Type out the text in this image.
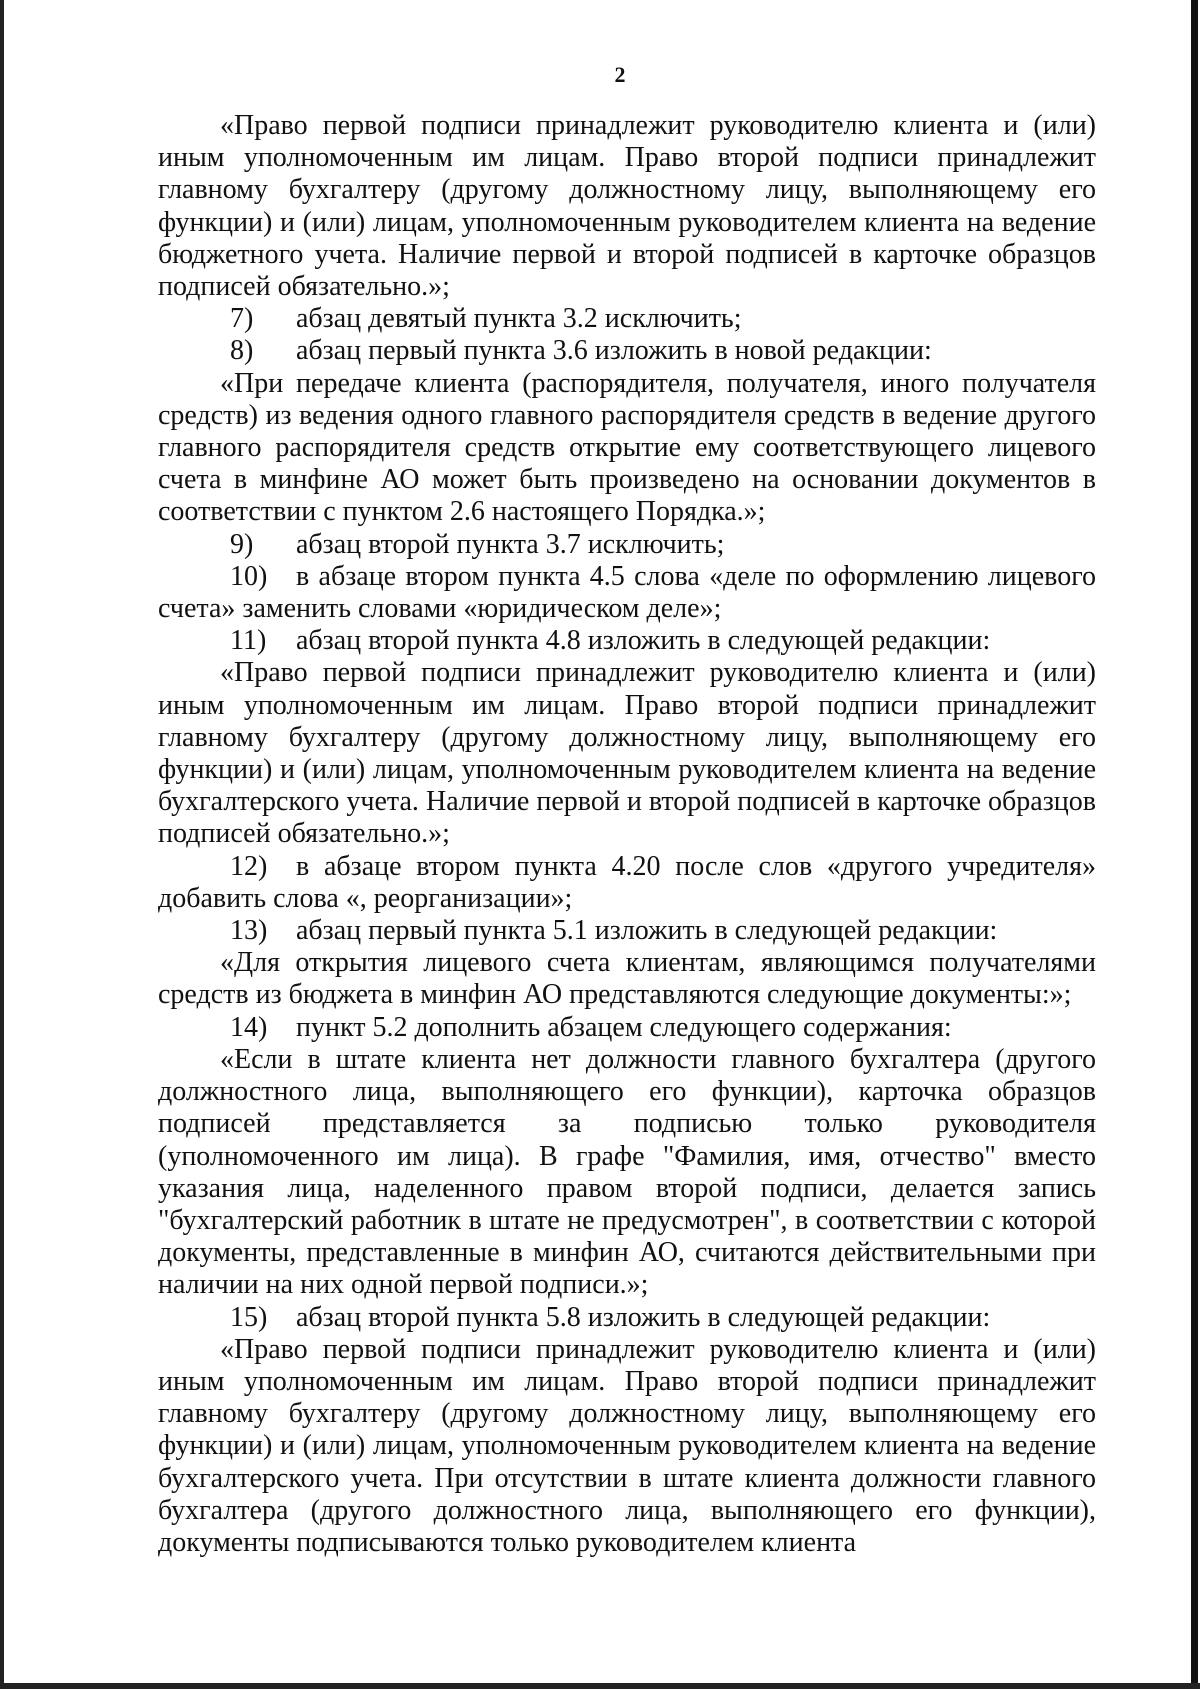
2

«Право первой подписи принадлежит руководителю клиента и (или) иным уполномоченным им лицам. Право второй подписи принадлежит главному бухгалтеру (другому должностному лицу, выполняющему его функции) и (или) лицам, уполномоченным руководителем клиента на ведение бюджетного учета. Наличие первой и второй подписей в карточке образцов подписей обязательно.»;

7) абзац девятый пункта 3.2 исключить;

8) абзац первый пункта 3.6 изложить в новой редакции:

«При передаче клиента (распорядителя, получателя, иного получателя средств) из ведения одного главного распорядителя средств в ведение другого главного распорядителя средств открытие ему соответствующего лицевого счета в минфине АО может быть произведено на основании документов в соответствии с пунктом 2.6 настоящего Порядка.»;

9) абзац второй пункта 3.7 исключить;

10) в абзаце втором пункта 4.5 слова «деле по оформлению лицевого счета» заменить словами «юридическом деле»;

11) абзац второй пункта 4.8 изложить в следующей редакции:

«Право первой подписи принадлежит руководителю клиента и (или) иным уполномоченным им лицам. Право второй подписи принадлежит главному бухгалтеру (другому должностному лицу, выполняющему его функции) и (или) лицам, уполномоченным руководителем клиента на ведение бухгалтерского учета. Наличие первой и второй подписей в карточке образцов подписей обязательно.»;

12) в абзаце втором пункта 4.20 после слов «другого учредителя» добавить слова «, реорганизации»;

13) абзац первый пункта 5.1 изложить в следующей редакции:

«Для открытия лицевого счета клиентам, являющимся получателями средств из бюджета в минфин АО представляются следующие документы:»;

14) пункт 5.2 дополнить абзацем следующего содержания:

«Если в штате клиента нет должности главного бухгалтера (другого должностного лица, выполняющего его функции), карточка образцов подписей представляется за подписью только руководителя (уполномоченного им лица). В графе "Фамилия, имя, отчество" вместо указания лица, наделенного правом второй подписи, делается запись "бухгалтерский работник в штате не предусмотрен", в соответствии с которой документы, представленные в минфин АО, считаются действительными при наличии на них одной первой подписи.»;

15) абзац второй пункта 5.8 изложить в следующей редакции:

«Право первой подписи принадлежит руководителю клиента и (или) иным уполномоченным им лицам. Право второй подписи принадлежит главному бухгалтеру (другому должностному лицу, выполняющему его функции) и (или) лицам, уполномоченным руководителем клиента на ведение бухгалтерского учета. При отсутствии в штате клиента должности главного бухгалтера (другого должностного лица, выполняющего его функции), документы подписываются только руководителем клиента
